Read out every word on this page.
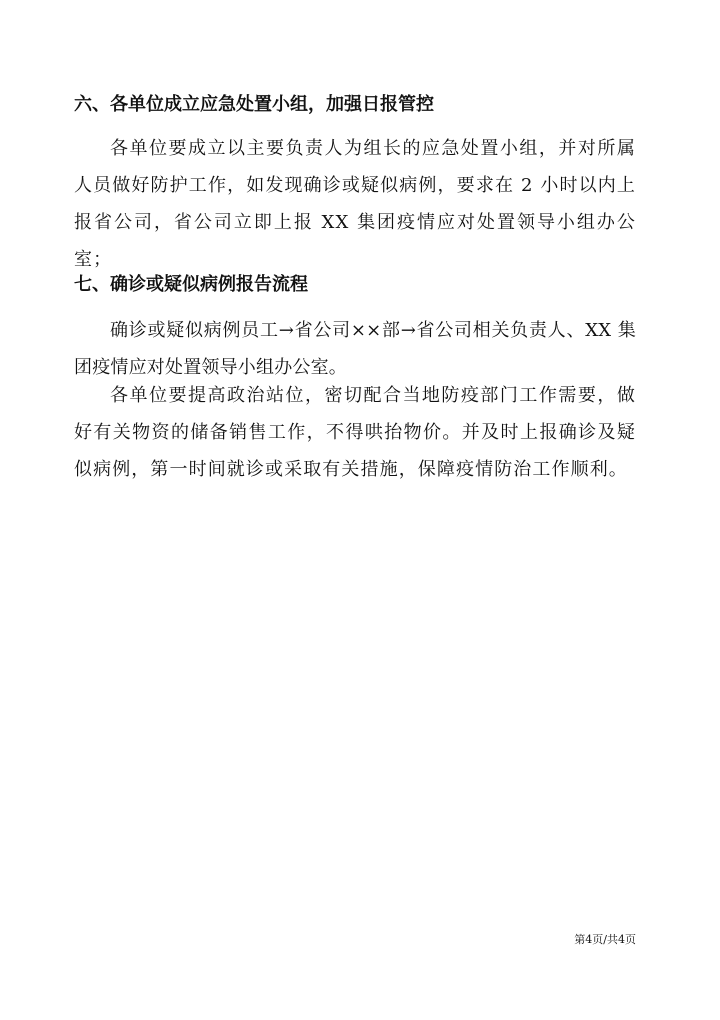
六、各单位成立应急处置小组，加强日报管控
各单位要成立以主要负责人为组长的应急处置小组，并对所属人员做好防护工作，如发现确诊或疑似病例，要求在 2 小时以内上报省公司，省公司立即上报 XX 集团疫情应对处置领导小组办公室；
七、确诊或疑似病例报告流程
确诊或疑似病例员工→省公司××部→省公司相关负责人、XX 集团疫情应对处置领导小组办公室。
各单位要提高政治站位，密切配合当地防疫部门工作需要，做好有关物资的储备销售工作，不得哄抬物价。并及时上报确诊及疑似病例，第一时间就诊或采取有关措施，保障疫情防治工作顺利。
第4页/共4页
